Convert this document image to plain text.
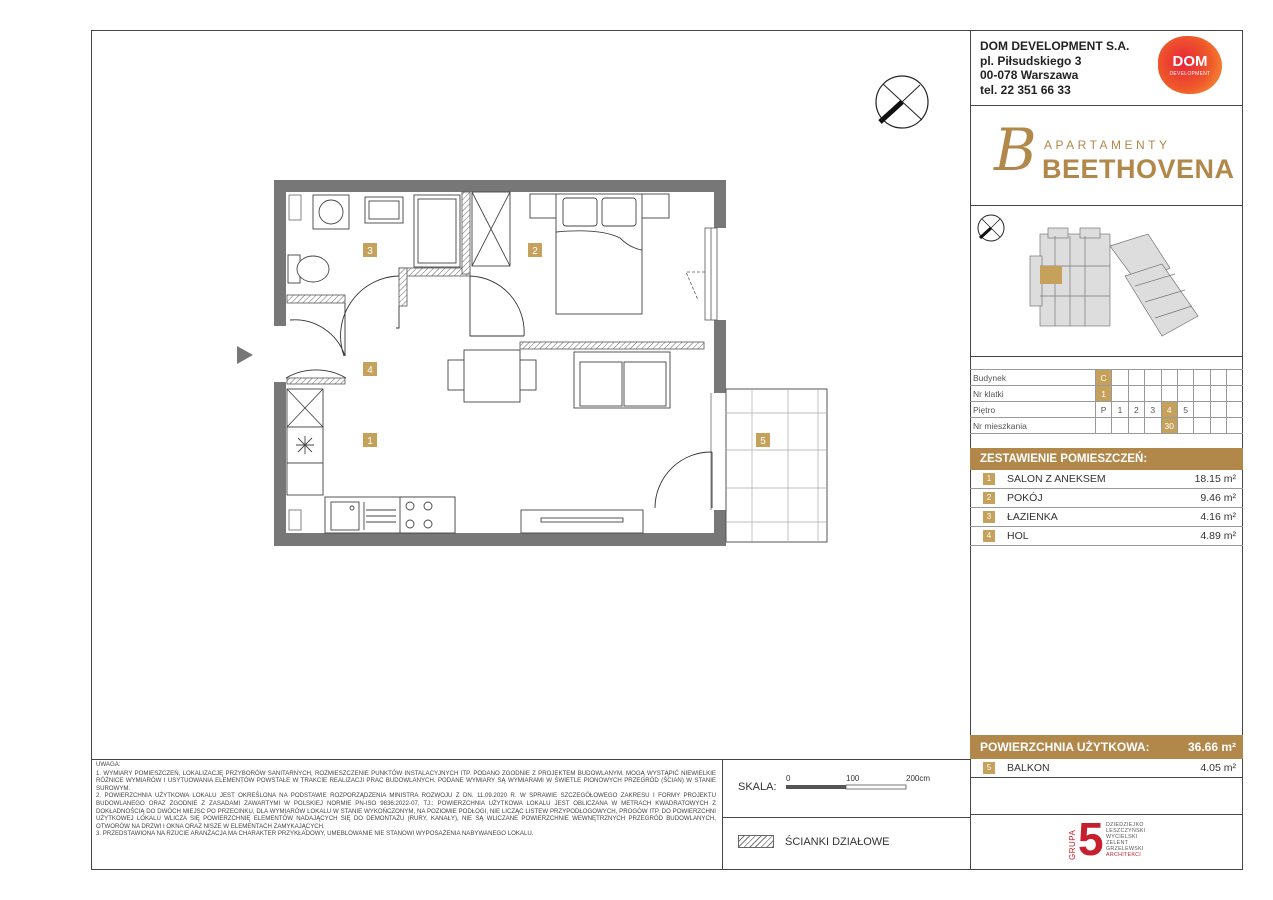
3	2
4
1	5
DOM DEVELOPMENT S.A.
pl. Piłsudskiego 3
00-078 Warszawa
tel. 22 351 66 33
DOM
DEVELOPMENT
B APARTAMENTY
BEETHOVENA
Budynek	C								
Nr klatki	1								
Piętro	P	1	2	3	4	5			
Nr mieszkania					30				
ZESTAWIENIE POMIESZCZEŃ:
1	SALON Z ANEKSEM	18.15 m²
2	POKÓJ	9.46 m²
3	ŁAZIENKA	4.16 m²
4	HOL	4.89 m²
POWIERZCHNIA UŻYTKOWA:	36.66 m²
5	BALKON	4.05 m²
GRUPA 5 DZIEDZIEJKO
LESZCZYŃSKI
WYCIELSKI
ZELENT
GRZELEWSKI
ARCHITEKCI
UWAGA:
1. WYMIARY POMIESZCZEŃ, LOKALIZACJĘ PRZYBORÓW SANITARNYCH, ROZMIESZCZENIE PUNKTÓW INSTALACYJNYCH ITP. PODANO ZGODNIE Z PROJEKTEM BUDOWLANYM. MOGĄ WYSTĄPIĆ NIEWIELKIE RÓŻNICE WYMIARÓW I USYTUOWANIA ELEMENTÓW POWSTAŁE W TRAKCIE REALIZACJI PRAC BUDOWLANYCH. PODANE WYMIARY SĄ WYMIARAMI W ŚWIETLE PIONOWYCH PRZEGRÓD (ŚCIAN) W STANIE SUROWYM.
2. POWIERZCHNIA UŻYTKOWA LOKALU JEST OKREŚLONA NA PODSTAWIE ROZPORZĄDZENIA MINISTRA ROZWOJU Z DN. 11.09.2020 R. W SPRAWIE SZCZEGÓŁOWEGO ZAKRESU I FORMY PROJEKTU BUDOWLANEGO ORAZ ZGODNIE Z ZASADAMI ZAWARTYMI W POLSKIEJ NORMIE PN-ISO 9836:2022-07, TJ.: POWIERZCHNIA UŻYTKOWA LOKALU JEST OBLICZANA W METRACH KWADRATOWYCH Z DOKŁADNOŚCIĄ DO DWÓCH MIEJSC PO PRZECINKU, DLA WYMIARÓW LOKALU W STANIE WYKOŃCZONYM, NA POZIOMIE PODŁOGI, NIE LICZĄC LISTEW PRZYPODŁOGOWYCH, PROGÓW ITP. DO POWIERZCHNI UŻYTKOWEJ LOKALU WLICZA SIĘ POWIERZCHNIĘ ELEMENTÓW NADAJĄCYCH SIĘ DO DEMONTAŻU (RURY, KANAŁY), NIE SĄ WLICZANE POWIERZCHNIE WEWNĘTRZNYCH PRZEGRÓD BUDOWLANYCH, OTWORÓW NA DRZWI I OKNA ORAZ NISZE W ELEMENTACH ZAMYKAJĄCYCH.
3. PRZEDSTAWIONA NA RZUCIE ARANŻACJA MA CHARAKTER PRZYKŁADOWY, UMEBLOWANIE NIE STANOWI WYPOSAŻENIA NABYWANEGO LOKALU.
SKALA:
0	100	200cm
ŚCIANKI DZIAŁOWE
